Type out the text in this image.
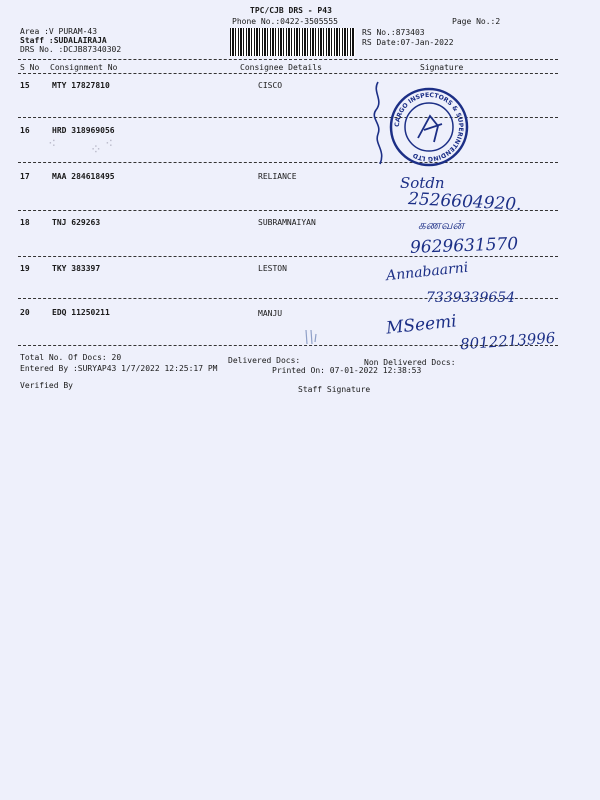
TPC/CJB DRS - P43
Phone No.:0422-3505555	Page No.:2
Area :V PURAM-43
Staff :SUDALAIRAJA
DRS No. :DCJB87340302
RS No.:873403
RS Date:07-Jan-2022
S No Consignment No	Consignee Details	Signature
15	MTY 17827810	CISCO
16	HRD 318969056
⁖ ⁘ ⁖
17	MAA 284618495	RELIANCE
18	TNJ 629263	SUBRAMNAIYAN
19	TKY 383397	LESTON
20	EDQ 11250211	MANJU
CARGO INSPECTORS & SUPERINTENDING LTD
Sotdn
2526604920.
கணவன்
9629631570
Annabaarni
7339339654
MSeemi
8012213996
Total No. Of Docs: 20	Delivered Docs:	Non Delivered Docs:
Entered By :SURYAP43 1/7/2022 12:25:17 PM	Printed On: 07-01-2022 12:38:53
Verified By	Staff Signature
